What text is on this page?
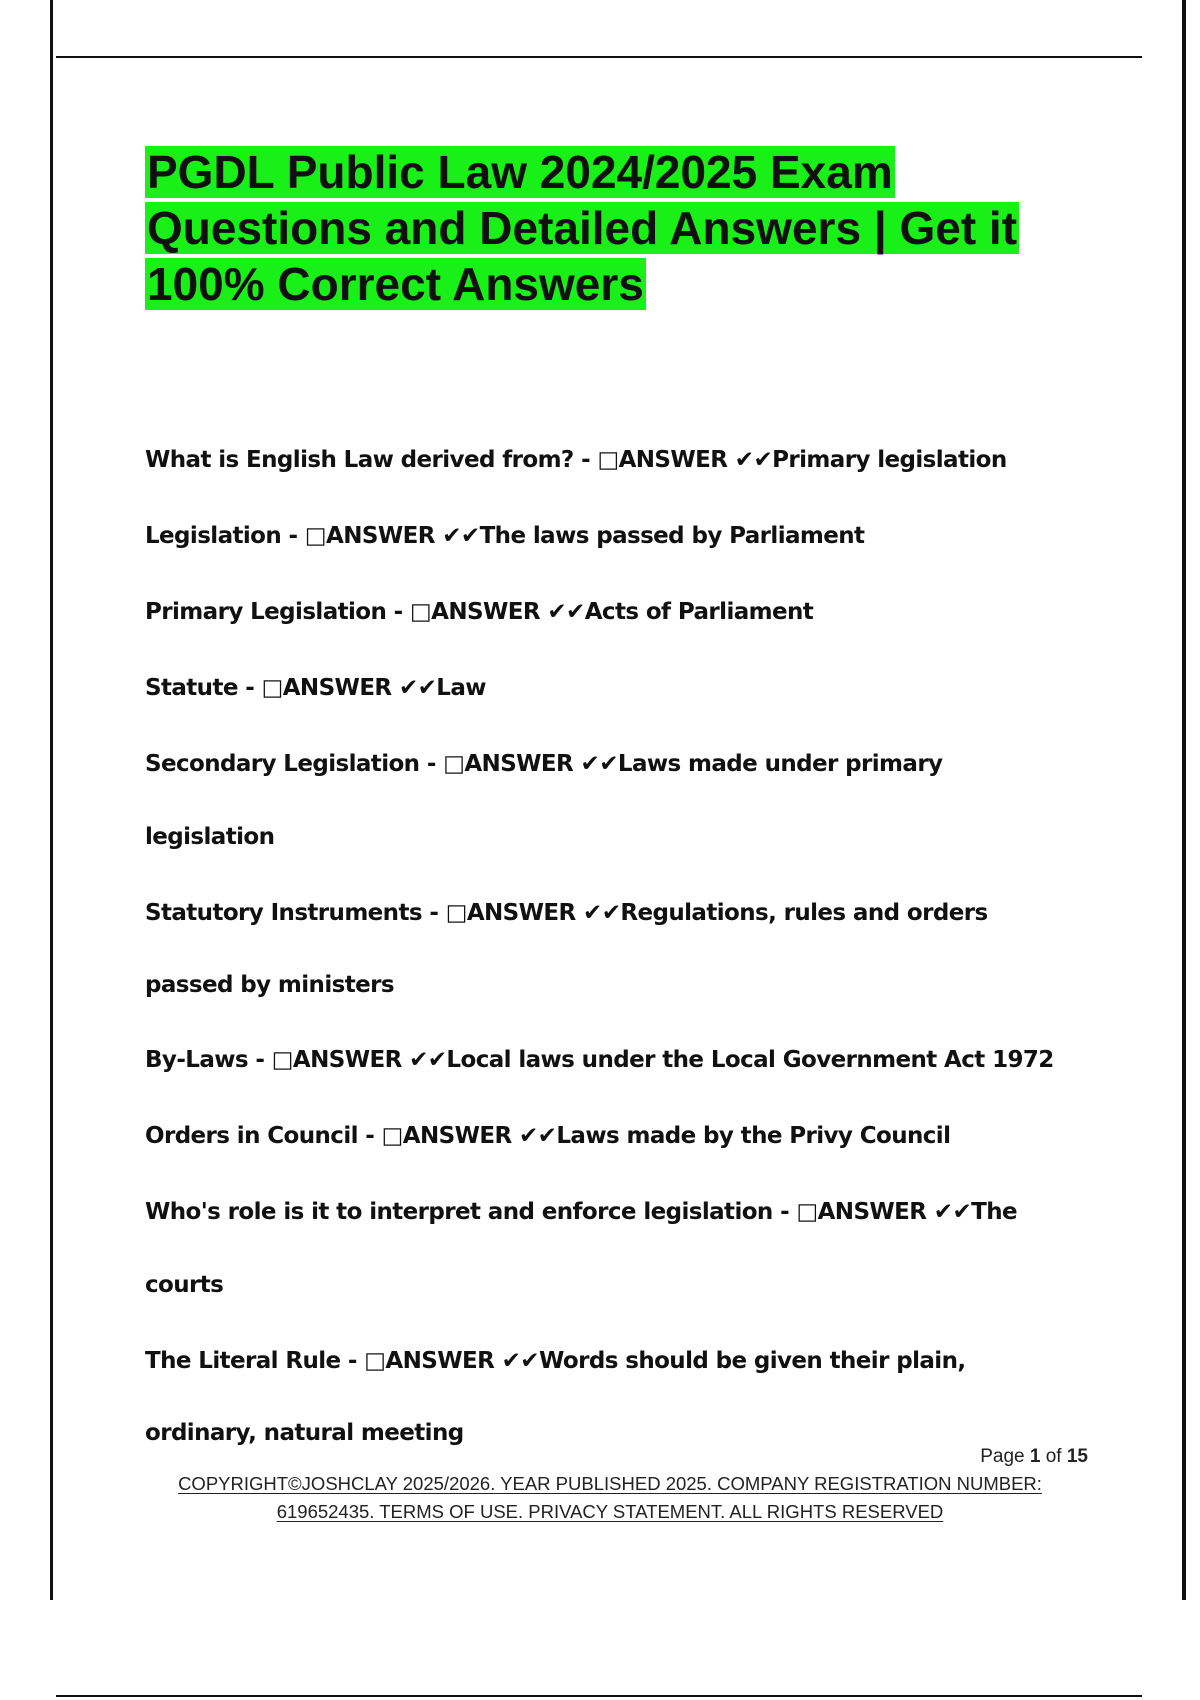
PGDL Public Law 2024/2025 Exam Questions and Detailed Answers | Get it 100% Correct Answers
What is English Law derived from? - □ANSWER ✔✔Primary legislation
Legislation - □ANSWER ✔✔The laws passed by Parliament
Primary Legislation - □ANSWER ✔✔Acts of Parliament
Statute - □ANSWER ✔✔Law
Secondary Legislation - □ANSWER ✔✔Laws made under primary legislation
Statutory Instruments - □ANSWER ✔✔Regulations, rules and orders passed by ministers
By-Laws - □ANSWER ✔✔Local laws under the Local Government Act 1972
Orders in Council - □ANSWER ✔✔Laws made by the Privy Council
Who's role is it to interpret and enforce legislation - □ANSWER ✔✔The courts
The Literal Rule - □ANSWER ✔✔Words should be given their plain, ordinary, natural meeting
Page 1 of 15
COPYRIGHT©JOSHCLAY 2025/2026. YEAR PUBLISHED 2025. COMPANY REGISTRATION NUMBER: 619652435. TERMS OF USE. PRIVACY STATEMENT. ALL RIGHTS RESERVED
